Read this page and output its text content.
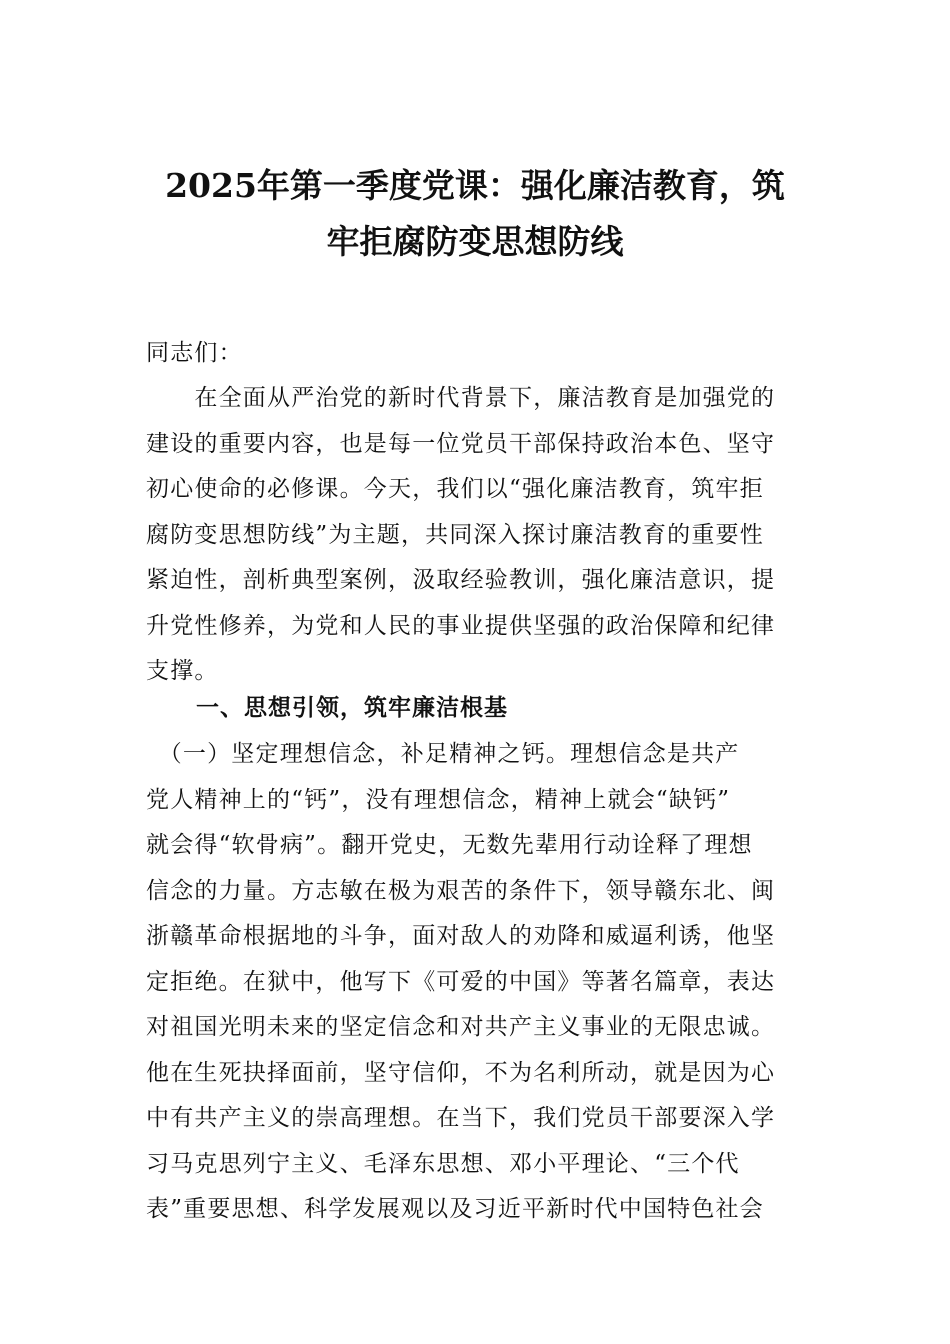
2025年第一季度党课：强化廉洁教育，筑
牢拒腐防变思想防线

同志们：

　　在全面从严治党的新时代背景下，廉洁教育是加强党的
建设的重要内容，也是每一位党员干部保持政治本色、坚守
初心使命的必修课。今天，我们以“强化廉洁教育，筑牢拒
腐防变思想防线”为主题，共同深入探讨廉洁教育的重要性
紧迫性，剖析典型案例，汲取经验教训，强化廉洁意识，提
升党性修养，为党和人民的事业提供坚强的政治保障和纪律
支撑。
一、思想引领，筑牢廉洁根基
　（一）坚定理想信念，补足精神之钙。理想信念是共产
党人精神上的“钙”，没有理想信念，精神上就会“缺钙”
就会得“软骨病”。翻开党史，无数先辈用行动诠释了理想
信念的力量。方志敏在极为艰苦的条件下，领导赣东北、闽
浙赣革命根据地的斗争，面对敌人的劝降和威逼利诱，他坚
定拒绝。在狱中，他写下《可爱的中国》等著名篇章，表达
对祖国光明未来的坚定信念和对共产主义事业的无限忠诚。
他在生死抉择面前，坚守信仰，不为名利所动，就是因为心
中有共产主义的崇高理想。在当下，我们党员干部要深入学
习马克思列宁主义、毛泽东思想、邓小平理论、“三个代
表”重要思想、科学发展观以及习近平新时代中国特色社会
